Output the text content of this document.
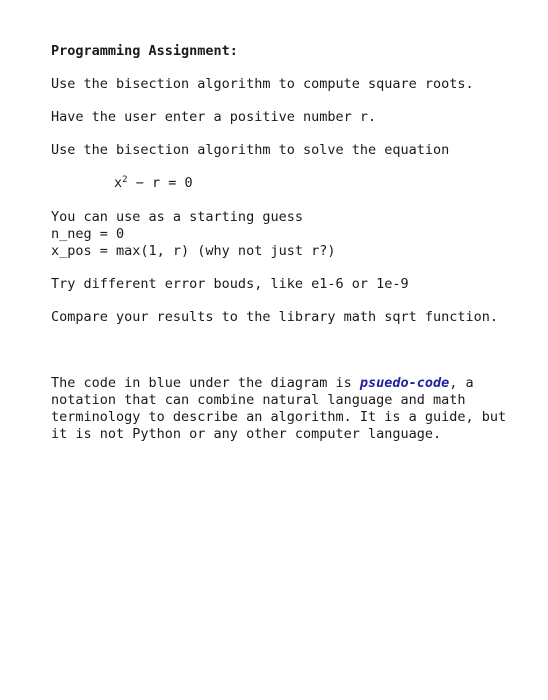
Programming Assignment:

Use the bisection algorithm to compute square roots.

Have the user enter a positive number r.

Use the bisection algorithm to solve the equation

$x^2 - r = 0$

You can use as a starting guess

n_neg = 0

x_pos = max(1, r) (why not just r?)

Try different error bouds, like e1-6 or 1e-9

Compare your results to the library math sqrt function.

The code in blue under the diagram is psuedo-code, a notation that can combine natural language and math terminology to describe an algorithm. It is a guide, but it is not Python or any other computer language.
